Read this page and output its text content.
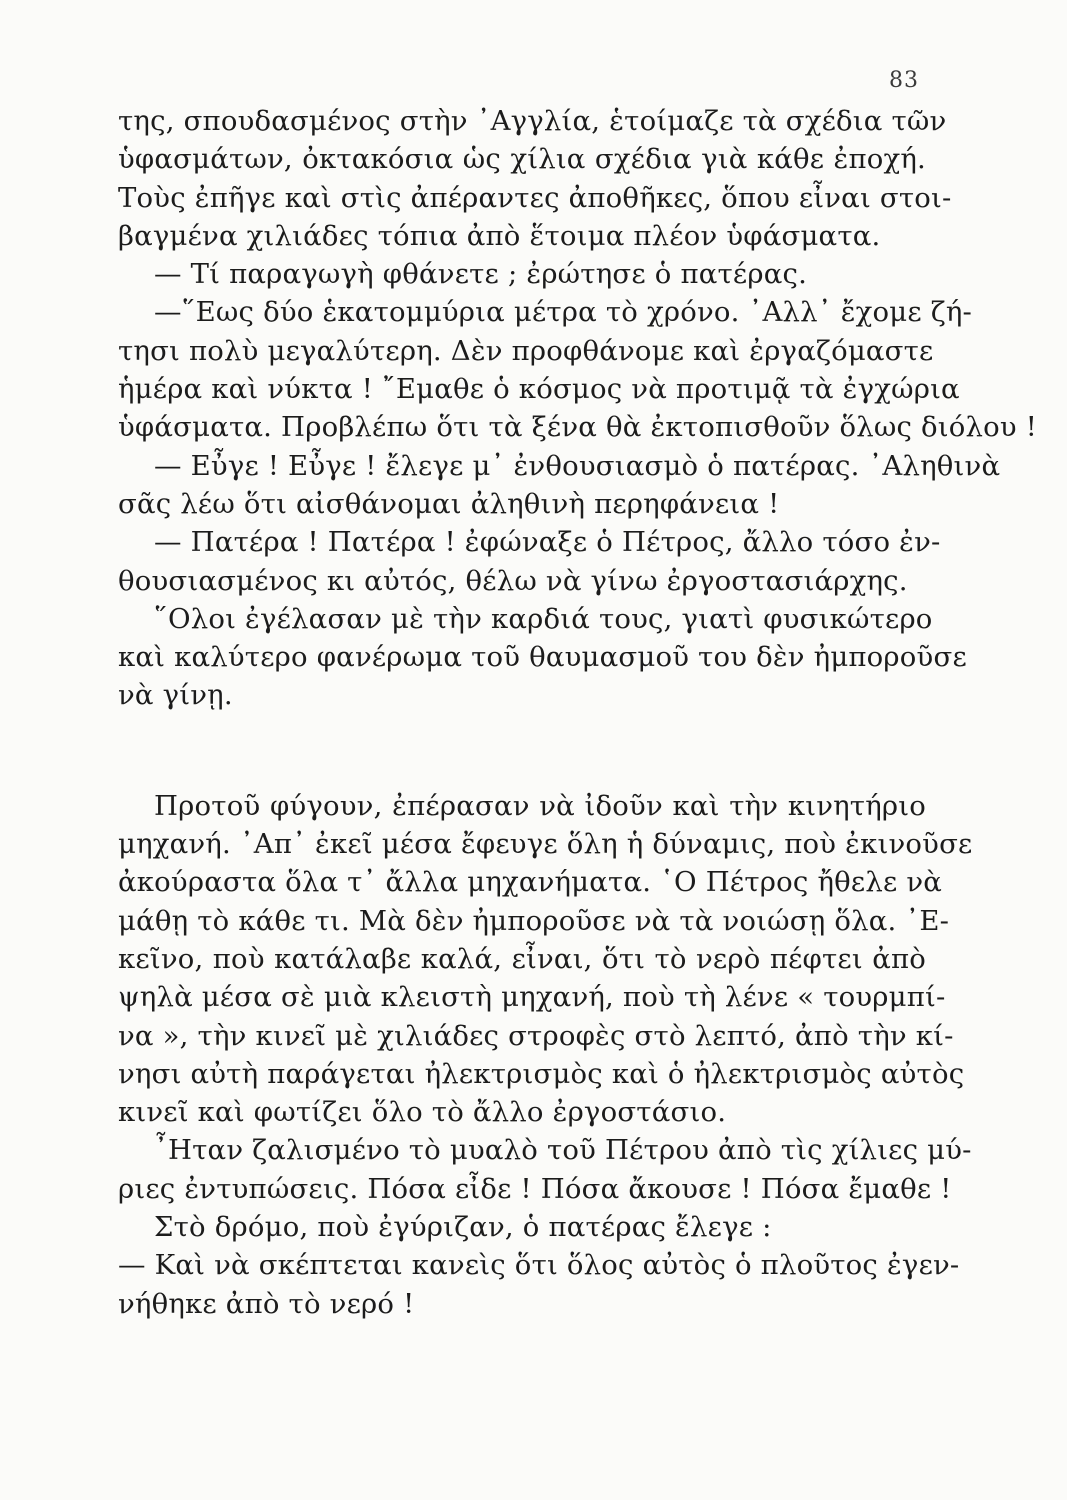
83
της, σπουδασμένος στὴν ᾿Αγγλία, ἑτοίμαζε τὰ σχέδια τῶν
ὑφασμάτων, ὀκτακόσια ὡς χίλια σχέδια γιὰ κάθε ἐποχή.
Τοὺς ἐπῆγε καὶ στὶς ἀπέραντες ἀποθῆκες, ὅπου εἶναι στοι-
βαγμένα χιλιάδες τόπια ἀπὸ ἕτοιμα πλέον ὑφάσματα.
— Τί παραγωγὴ φθάνετε ; ἐρώτησε ὁ πατέρας.
—῞Εως δύο ἑκατομμύρια μέτρα τὸ χρόνο. ᾿Αλλ᾿ ἔχομε ζή-
τησι πολὺ μεγαλύτερη. Δὲν προφθάνομε καὶ ἐργαζόμαστε
ἡμέρα καὶ νύκτα ! ῎Εμαθε ὁ κόσμος νὰ προτιμᾷ τὰ ἐγχώρια
ὑφάσματα. Προβλέπω ὅτι τὰ ξένα θὰ ἐκτοπισθοῦν ὅλως διόλου !
— Εὖγε ! Εὖγε ! ἔλεγε μ᾿ ἐνθουσιασμὸ ὁ πατέρας. ᾿Αληθινὰ
σᾶς λέω ὅτι αἰσθάνομαι ἀληθινὴ περηφάνεια !
— Πατέρα ! Πατέρα ! ἐφώναξε ὁ Πέτρος, ἄλλο τόσο ἐν-
θουσιασμένος κι αὐτός, θέλω νὰ γίνω ἐργοστασιάρχης.
῞Ολοι ἐγέλασαν μὲ τὴν καρδιά τους, γιατὶ φυσικώτερο
καὶ καλύτερο φανέρωμα τοῦ θαυμασμοῦ του δὲν ἠμποροῦσε
νὰ γίνῃ.
Προτοῦ φύγουν, ἐπέρασαν νὰ ἰδοῦν καὶ τὴν κινητήριο
μηχανή. ᾿Απ᾿ ἐκεῖ μέσα ἔφευγε ὅλη ἡ δύναμις, ποὺ ἐκινοῦσε
ἀκούραστα ὅλα τ᾿ ἄλλα μηχανήματα. ῾Ο Πέτρος ἤθελε νὰ
μάθῃ τὸ κάθε τι. Μὰ δὲν ἠμποροῦσε νὰ τὰ νοιώσῃ ὅλα. ᾿Ε-
κεῖνο, ποὺ κατάλαβε καλά, εἶναι, ὅτι τὸ νερὸ πέφτει ἀπὸ
ψηλὰ μέσα σὲ μιὰ κλειστὴ μηχανή, ποὺ τὴ λένε « τουρμπί-
να », τὴν κινεῖ μὲ χιλιάδες στροφὲς στὸ λεπτό, ἀπὸ τὴν κί-
νησι αὐτὴ παράγεται ἠλεκτρισμὸς καὶ ὁ ἠλεκτρισμὸς αὐτὸς
κινεῖ καὶ φωτίζει ὅλο τὸ ἄλλο ἐργοστάσιο.
῏Ηταν ζαλισμένο τὸ μυαλὸ τοῦ Πέτρου ἀπὸ τὶς χίλιες μύ-
ριες ἐντυπώσεις. Πόσα εἶδε ! Πόσα ἄκουσε ! Πόσα ἔμαθε !
Στὸ δρόμο, ποὺ ἐγύριζαν, ὁ πατέρας ἔλεγε :
— Καὶ νὰ σκέπτεται κανεὶς ὅτι ὅλος αὐτὸς ὁ πλοῦτος ἐγεν-
νήθηκε ἀπὸ τὸ νερό !
